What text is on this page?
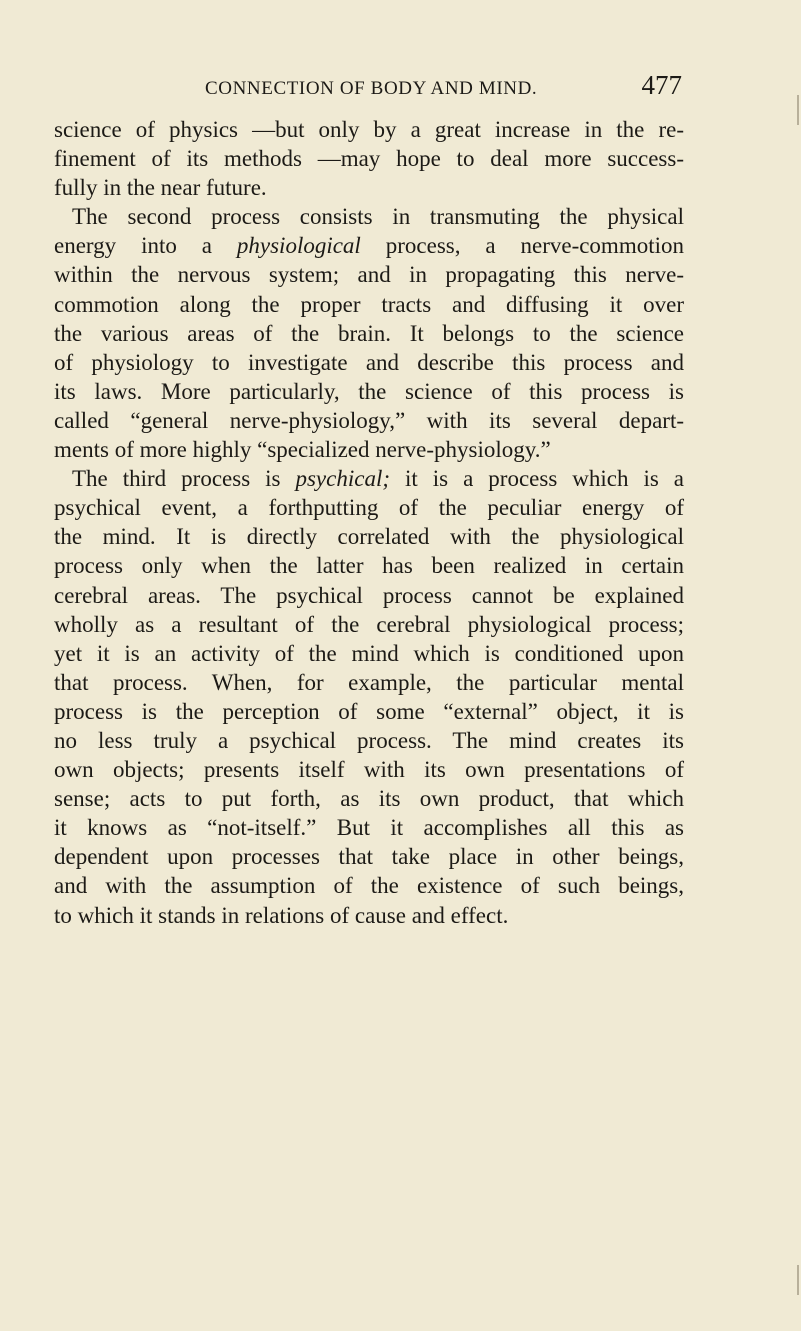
CONNECTION OF BODY AND MIND.	477
science of physics —but only by a great increase in the re-
finement of its methods —may hope to deal more success-
fully in the near future.
The second process consists in transmuting the physical
energy into a physiological process, a nerve-commotion
within the nervous system; and in propagating this nerve-
commotion along the proper tracts and diffusing it over
the various areas of the brain. It belongs to the science
of physiology to investigate and describe this process and
its laws. More particularly, the science of this process is
called “general nerve-physiology,” with its several depart-
ments of more highly “specialized nerve-physiology.”
The third process is psychical; it is a process which is a
psychical event, a forthputting of the peculiar energy of
the mind. It is directly correlated with the physiological
process only when the latter has been realized in certain
cerebral areas. The psychical process cannot be explained
wholly as a resultant of the cerebral physiological process;
yet it is an activity of the mind which is conditioned upon
that process. When, for example, the particular mental
process is the perception of some “external” object, it is
no less truly a psychical process. The mind creates its
own objects; presents itself with its own presentations of
sense; acts to put forth, as its own product, that which
it knows as “not-itself.” But it accomplishes all this as
dependent upon processes that take place in other beings,
and with the assumption of the existence of such beings,
to which it stands in relations of cause and effect.
